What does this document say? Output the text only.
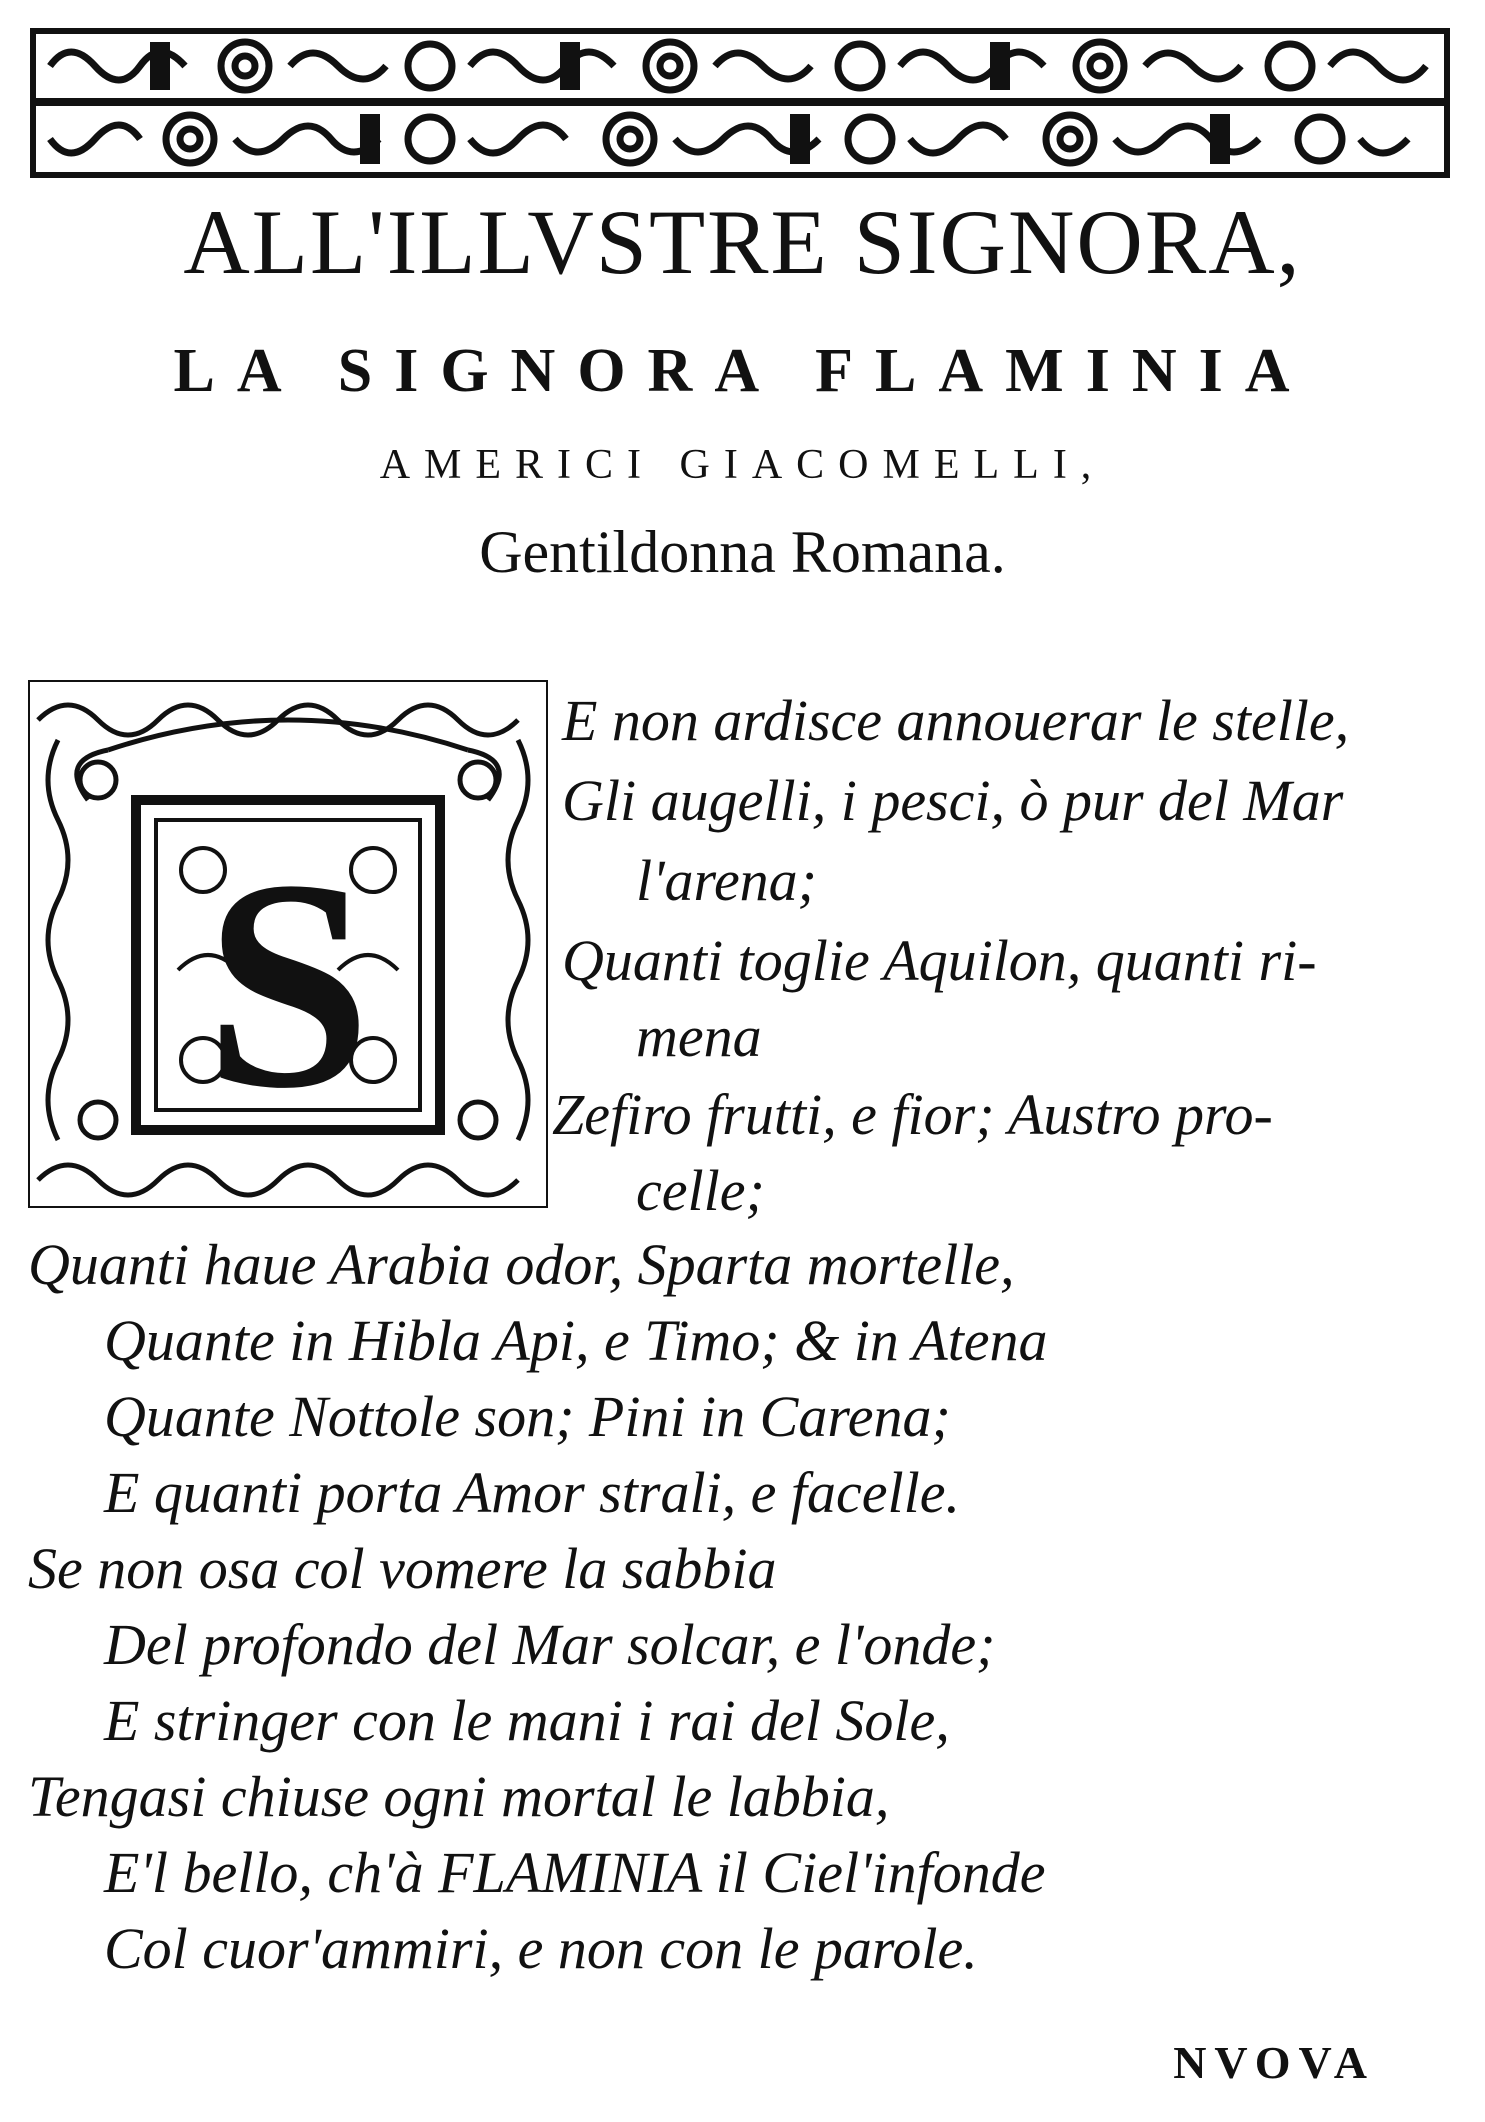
ALL'ILLVSTRE SIGNORA,
LA SIGNORA FLAMINIA
AMERICI GIACOMELLI,
Gentildonna Romana.
S
E non ardisce annouerar le stelle,
Gli augelli, i pesci, ò pur del Mar
l'arena;
Quanti toglie Aquilon, quanti ri-
mena
Zefiro frutti, e fior; Austro pro-
celle;
Quanti haue Arabia odor, Sparta mortelle,
Quante in Hibla Api, e Timo; & in Atena
Quante Nottole son; Pini in Carena;
E quanti porta Amor strali, e facelle.
Se non osa col vomere la sabbia
Del profondo del Mar solcar, e l'onde;
E stringer con le mani i rai del Sole,
Tengasi chiuse ogni mortal le labbia,
E'l bello, ch'à FLAMINIA il Ciel'infonde
Col cuor'ammiri, e non con le parole.
NVOVA
